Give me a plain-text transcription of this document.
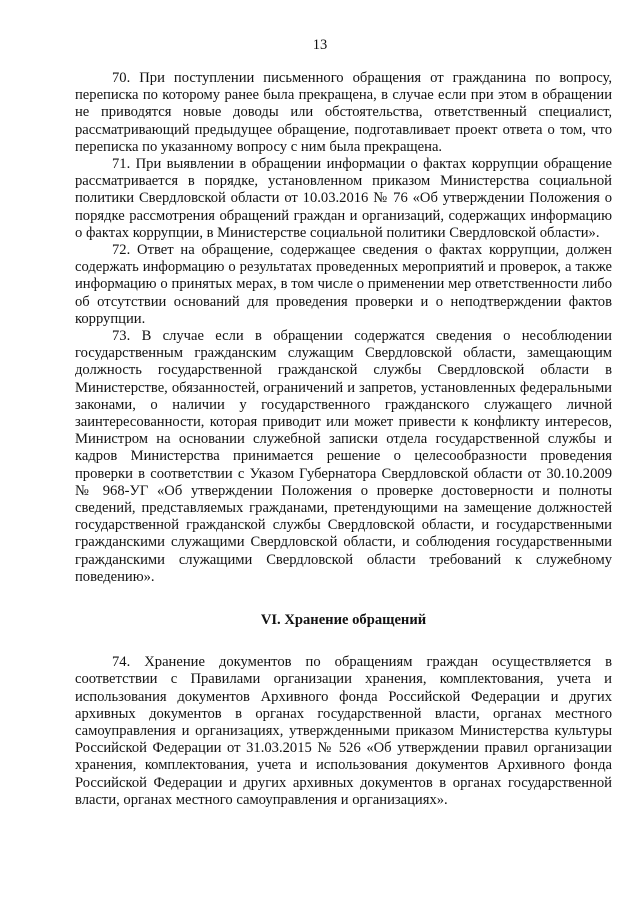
13

70. При поступлении письменного обращения от гражданина по вопросу, переписка по которому ранее была прекращена, в случае если при этом в обращении не приводятся новые доводы или обстоятельства, ответственный специалист, рассматривающий предыдущее обращение, подготавливает проект ответа о том, что переписка по указанному вопросу с ним была прекращена.

71. При выявлении в обращении информации о фактах коррупции обращение рассматривается в порядке, установленном приказом Министерства социальной политики Свердловской области от 10.03.2016 № 76 «Об утверждении Положения о порядке рассмотрения обращений граждан и организаций, содержащих информацию о фактах коррупции, в Министерстве социальной политики Свердловской области».

72. Ответ на обращение, содержащее сведения о фактах коррупции, должен содержать информацию о результатах проведенных мероприятий и проверок, а также информацию о принятых мерах, в том числе о применении мер ответственности либо об отсутствии оснований для проведения проверки и о неподтверждении фактов коррупции.

73. В случае если в обращении содержатся сведения о несоблюдении государственным гражданским служащим Свердловской области, замещающим должность государственной гражданской службы Свердловской области в Министерстве, обязанностей, ограничений и запретов, установленных федеральными законами, о наличии у государственного гражданского служащего личной заинтересованности, которая приводит или может привести к конфликту интересов, Министром на основании служебной записки отдела государственной службы и кадров Министерства принимается решение о целесообразности проведения проверки в соответствии с Указом Губернатора Свердловской области от 30.10.2009 № 968-УГ «Об утверждении Положения о проверке достоверности и полноты сведений, представляемых гражданами, претендующими на замещение должностей государственной гражданской службы Свердловской области, и государственными гражданскими служащими Свердловской области, и соблюдения государственными гражданскими служащими Свердловской области требований к служебному поведению».

VI. Хранение обращений

74. Хранение документов по обращениям граждан осуществляется в соответствии с Правилами организации хранения, комплектования, учета и использования документов Архивного фонда Российской Федерации и других архивных документов в органах государственной власти, органах местного самоуправления и организациях, утвержденными приказом Министерства культуры Российской Федерации от 31.03.2015 № 526 «Об утверждении правил организации хранения, комплектования, учета и использования документов Архивного фонда Российской Федерации и других архивных документов в органах государственной власти, органах местного самоуправления и организациях».
